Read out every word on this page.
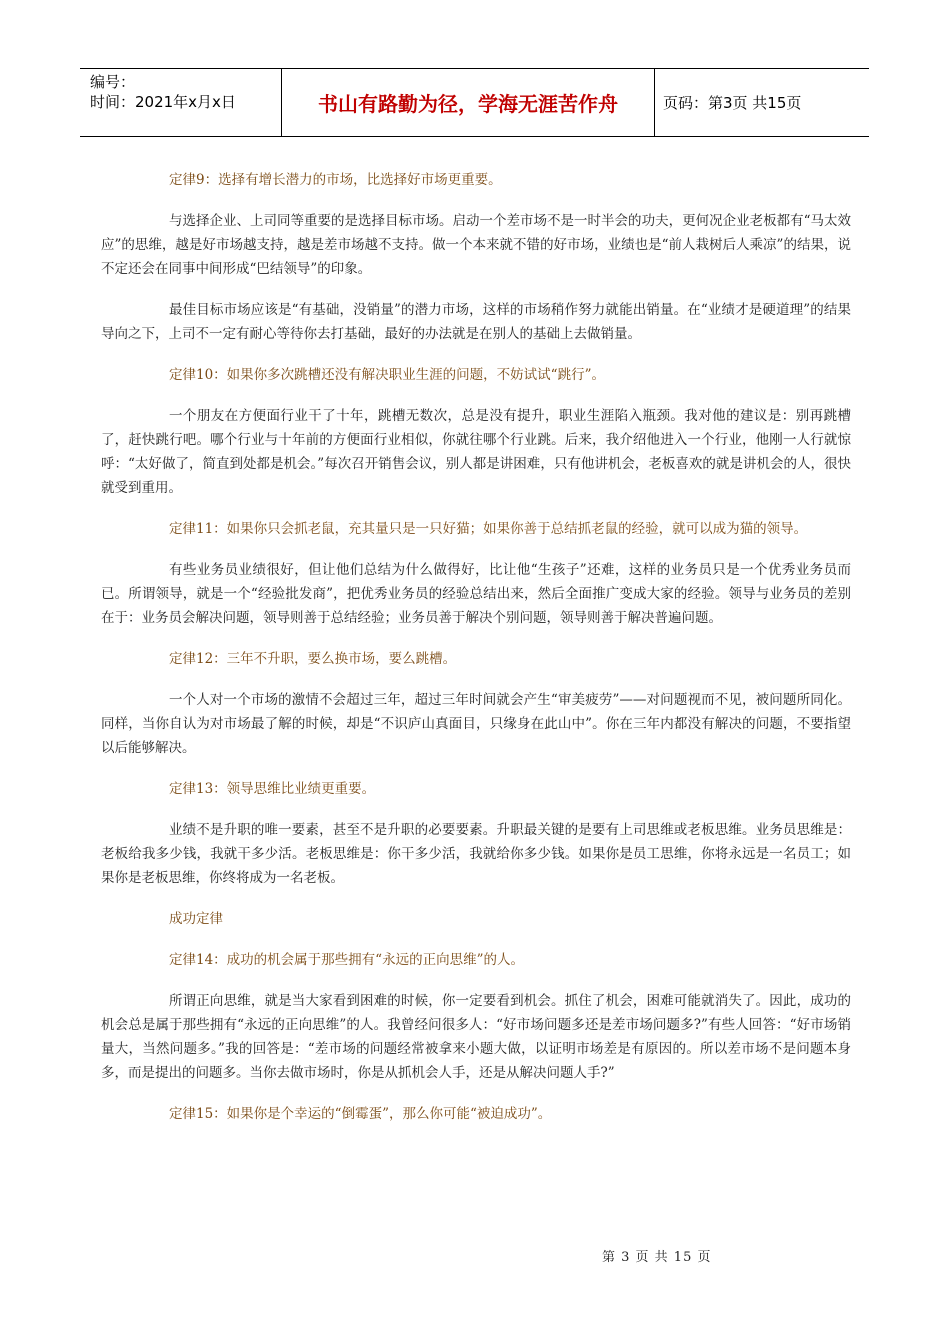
编号：
时间：2021年x月x日	书山有路勤为径，学海无涯苦作舟	页码：第3页 共15页

定律9：选择有增长潜力的市场，比选择好市场更重要。

与选择企业、上司同等重要的是选择目标市场。启动一个差市场不是一时半会的功夫，更何况企业老板都有“马太效应”的思维，越是好市场越支持，越是差市场越不支持。做一个本来就不错的好市场，业绩也是“前人栽树后人乘凉”的结果，说不定还会在同事中间形成“巴结领导”的印象。

最佳目标市场应该是“有基础，没销量”的潜力市场，这样的市场稍作努力就能出销量。在“业绩才是硬道理”的结果导向之下，上司不一定有耐心等待你去打基础，最好的办法就是在别人的基础上去做销量。

定律10：如果你多次跳槽还没有解决职业生涯的问题，不妨试试“跳行”。

一个朋友在方便面行业干了十年，跳槽无数次，总是没有提升，职业生涯陷入瓶颈。我对他的建议是：别再跳槽了，赶快跳行吧。哪个行业与十年前的方便面行业相似，你就往哪个行业跳。后来，我介绍他进入一个行业，他刚一人行就惊呼：“太好做了，简直到处都是机会。”每次召开销售会议，别人都是讲困难，只有他讲机会，老板喜欢的就是讲机会的人，很快就受到重用。

定律11：如果你只会抓老鼠，充其量只是一只好猫；如果你善于总结抓老鼠的经验，就可以成为猫的领导。

有些业务员业绩很好，但让他们总结为什么做得好，比让他“生孩子”还难，这样的业务员只是一个优秀业务员而已。所谓领导，就是一个“经验批发商”，把优秀业务员的经验总结出来，然后全面推广变成大家的经验。领导与业务员的差别在于：业务员会解决问题，领导则善于总结经验；业务员善于解决个别问题，领导则善于解决普遍问题。

定律12：三年不升职，要么换市场，要么跳槽。

一个人对一个市场的激情不会超过三年，超过三年时间就会产生“审美疲劳”——对问题视而不见，被问题所同化。同样，当你自认为对市场最了解的时候，却是“不识庐山真面目，只缘身在此山中”。你在三年内都没有解决的问题，不要指望以后能够解决。

定律13：领导思维比业绩更重要。

业绩不是升职的唯一要素，甚至不是升职的必要要素。升职最关键的是要有上司思维或老板思维。业务员思维是：老板给我多少钱，我就干多少活。老板思维是：你干多少活，我就给你多少钱。如果你是员工思维，你将永远是一名员工；如果你是老板思维，你终将成为一名老板。

成功定律

定律14：成功的机会属于那些拥有“永远的正向思维”的人。

所谓正向思维，就是当大家看到困难的时候，你一定要看到机会。抓住了机会，困难可能就消失了。因此，成功的机会总是属于那些拥有“永远的正向思维”的人。我曾经问很多人：“好市场问题多还是差市场问题多?”有些人回答：“好市场销量大，当然问题多。”我的回答是：“差市场的问题经常被拿来小题大做，以证明市场差是有原因的。所以差市场不是问题本身多，而是提出的问题多。当你去做市场时，你是从抓机会人手，还是从解决问题人手?”

定律15：如果你是个幸运的“倒霉蛋”，那么你可能“被迫成功”。

第 3 页 共 15 页
